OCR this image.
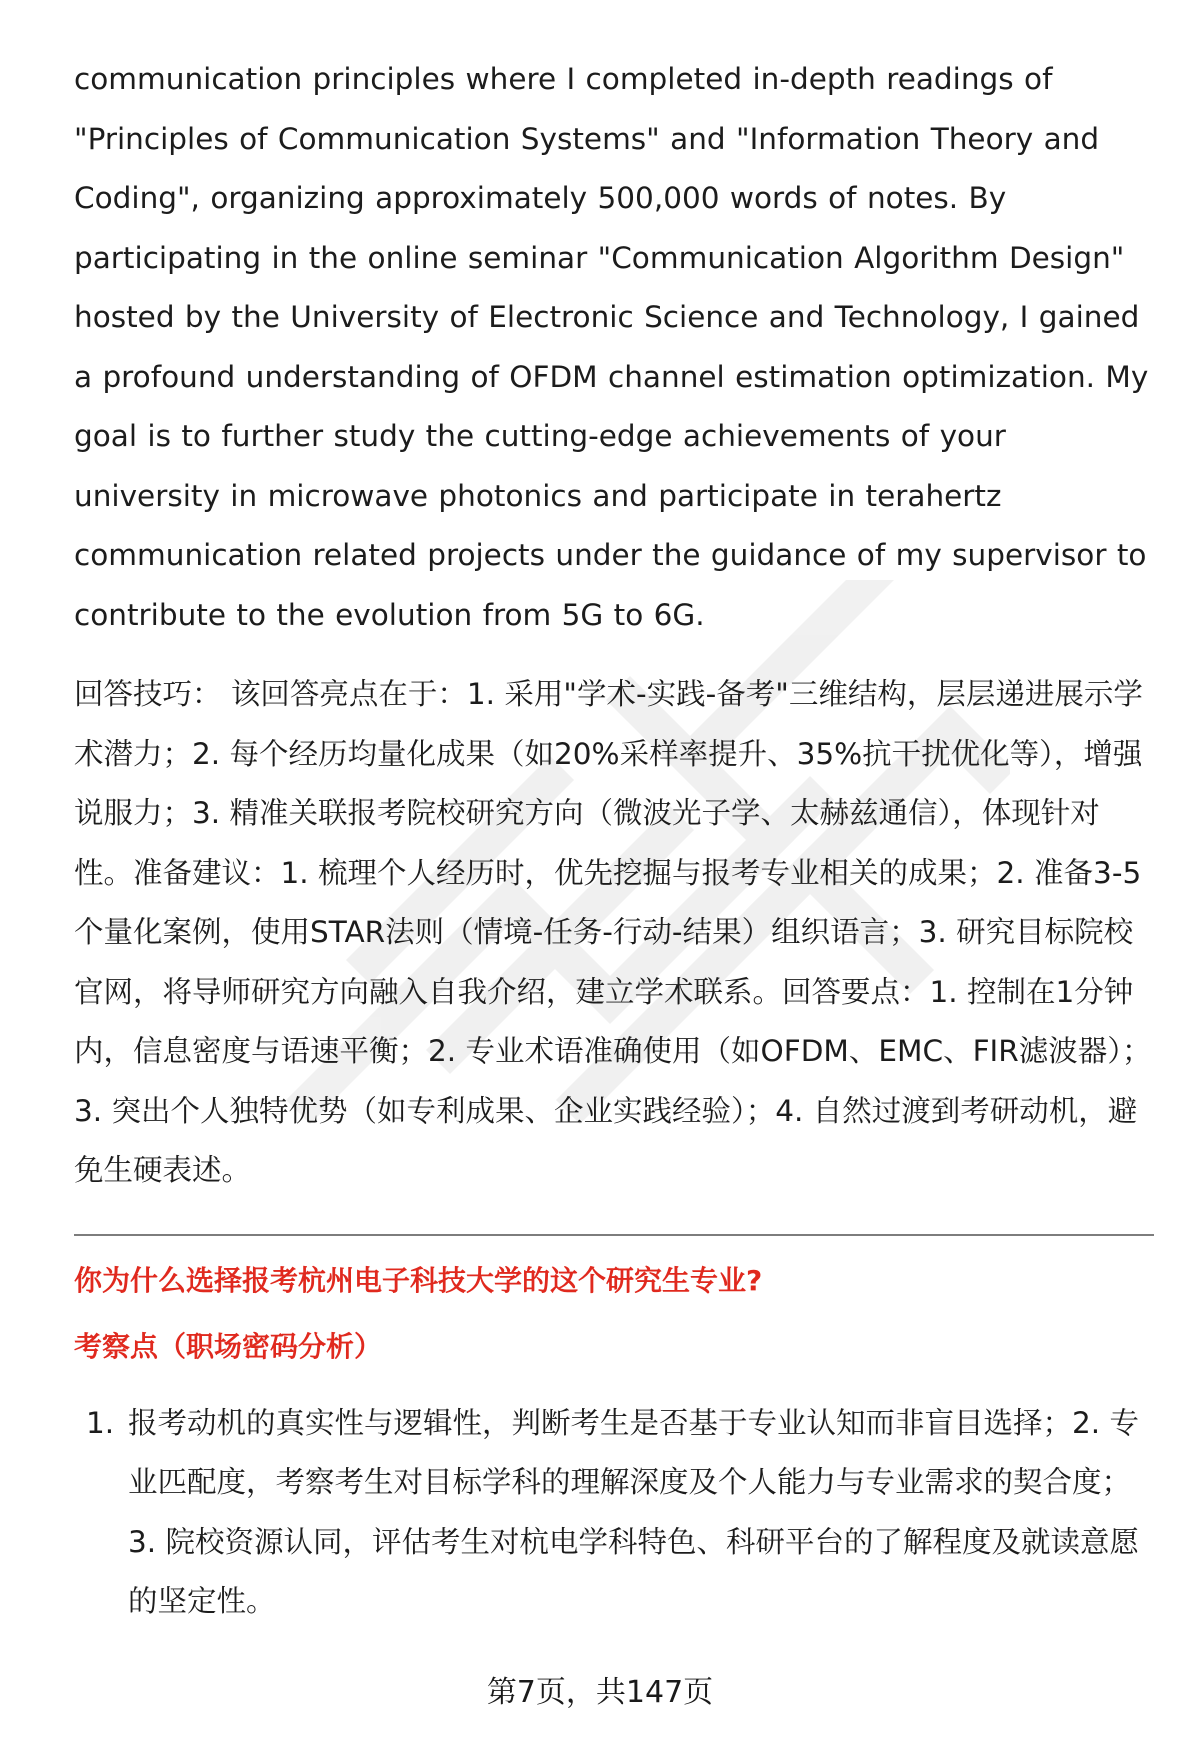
communication principles where I completed in-depth readings of "Principles of Communication Systems" and "Information Theory and Coding", organizing approximately 500,000 words of notes. By participating in the online seminar "Communication Algorithm Design" hosted by the University of Electronic Science and Technology, I gained a profound understanding of OFDM channel estimation optimization. My goal is to further study the cutting-edge achievements of your university in microwave photonics and participate in terahertz communication related projects under the guidance of my supervisor to contribute to the evolution from 5G to 6G.

回答技巧： 该回答亮点在于：1. 采用"学术-实践-备考"三维结构，层层递进展示学术潜力；2. 每个经历均量化成果（如20%采样率提升、35%抗干扰优化等），增强说服力；3. 精准关联报考院校研究方向（微波光子学、太赫兹通信），体现针对性。准备建议：1. 梳理个人经历时，优先挖掘与报考专业相关的成果；2. 准备3-5个量化案例，使用STAR法则（情境-任务-行动-结果）组织语言；3. 研究目标院校官网，将导师研究方向融入自我介绍，建立学术联系。回答要点：1. 控制在1分钟内，信息密度与语速平衡；2. 专业术语准确使用（如OFDM、EMC、FIR滤波器）；3. 突出个人独特优势（如专利成果、企业实践经验）；4. 自然过渡到考研动机，避免生硬表述。

你为什么选择报考杭州电子科技大学的这个研究生专业?
考察点（职场密码分析）
1. 报考动机的真实性与逻辑性，判断考生是否基于专业认知而非盲目选择；2. 专业匹配度，考察考生对目标学科的理解深度及个人能力与专业需求的契合度；3. 院校资源认同，评估考生对杭电学科特色、科研平台的了解程度及就读意愿的坚定性。
第7页，共147页
